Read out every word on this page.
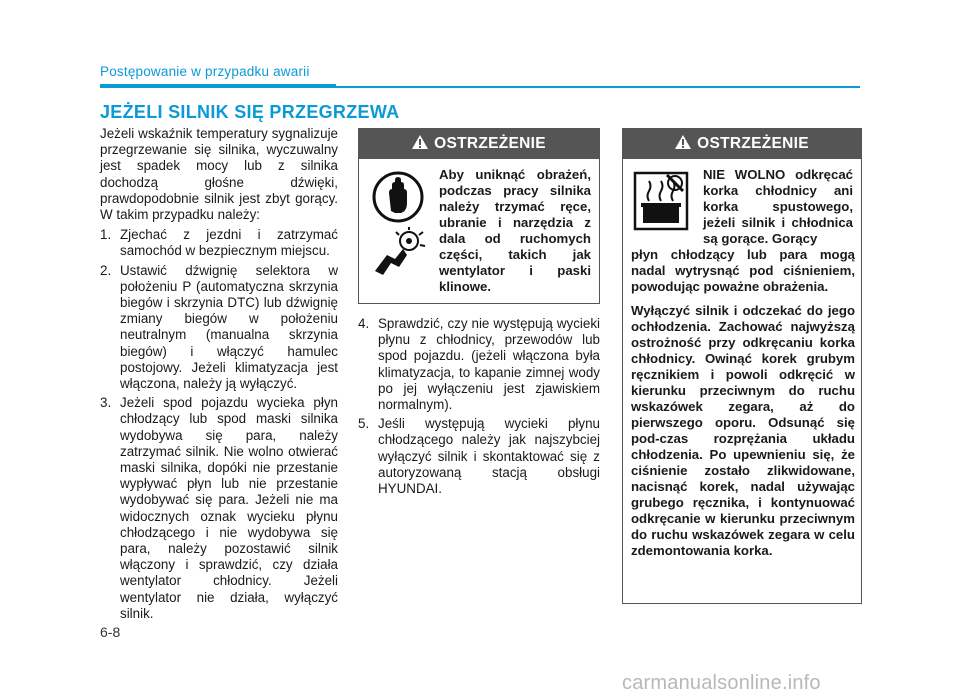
Postępowanie w przypadku awarii
JEŻELI SILNIK SIĘ PRZEGRZEWA

Jeżeli wskaźnik temperatury sygnalizuje przegrzewanie się silnika, wyczuwalny jest spadek mocy lub z silnika dochodzą głośne dźwięki, prawdopodobnie silnik jest zbyt gorący. W takim przypadku należy:

1. Zjechać z jezdni i zatrzymać samochód w bezpiecznym miejscu.
2. Ustawić dźwignię selektora w położeniu P (automatyczna skrzynia biegów i skrzynia DTC) lub dźwignię zmiany biegów w położeniu neutralnym (manualna skrzynia biegów) i włączyć hamulec postojowy. Jeżeli klimatyzacja jest włączona, należy ją wyłączyć.
3. Jeżeli spod pojazdu wycieka płyn chłodzący lub spod maski silnika wydobywa się para, należy zatrzymać silnik. Nie wolno otwierać maski silnika, dopóki nie przestanie wypływać płyn lub nie przestanie wydobywać się para. Jeżeli nie ma widocznych oznak wycieku płynu chłodzącego i nie wydobywa się para, należy pozostawić silnik włączony i sprawdzić, czy działa wentylator chłodnicy. Jeżeli wentylator nie działa, wyłączyć silnik.
OSTRZEŻENIE
Aby uniknąć obrażeń, podczas pracy silnika należy trzymać ręce, ubranie i narzędzia z dala od ruchomych części, takich jak wentylator i paski klinowe.
4. Sprawdzić, czy nie występują wycieki płynu z chłodnicy, przewodów lub spod pojazdu. (jeżeli włączona była klimatyzacja, to kapanie zimnej wody po jej wyłączeniu jest zjawiskiem normalnym).
5. Jeśli występują wycieki płynu chłodzącego należy jak najszybciej wyłączyć silnik i skontaktować się z autoryzowaną stacją obsługi HYUNDAI.
OSTRZEŻENIE
NIE WOLNO odkręcać korka chłodnicy ani korka spustowego, jeżeli silnik i chłodnica są gorące. Gorący

płyn chłodzący lub para mogą nadal wytrysnąć pod ciśnieniem, powodując poważne obrażenia.

Wyłączyć silnik i odczekać do jego ochłodzenia. Zachować najwyższą ostrożność przy odkręcaniu korka chłodnicy. Owinąć korek grubym ręcznikiem i powoli odkręcić w kierunku przeciwnym do ruchu wskazówek zegara, aż do pierwszego oporu. Odsunąć się pod-czas rozprężania układu chłodzenia. Po upewnieniu się, że ciśnienie zostało zlikwidowane, nacisnąć korek, nadal używając grubego ręcznika, i kontynuować odkręcanie w kierunku przeciwnym do ruchu wskazówek zegara w celu zdemontowania korka.

6-8
carmanualsonline.info
